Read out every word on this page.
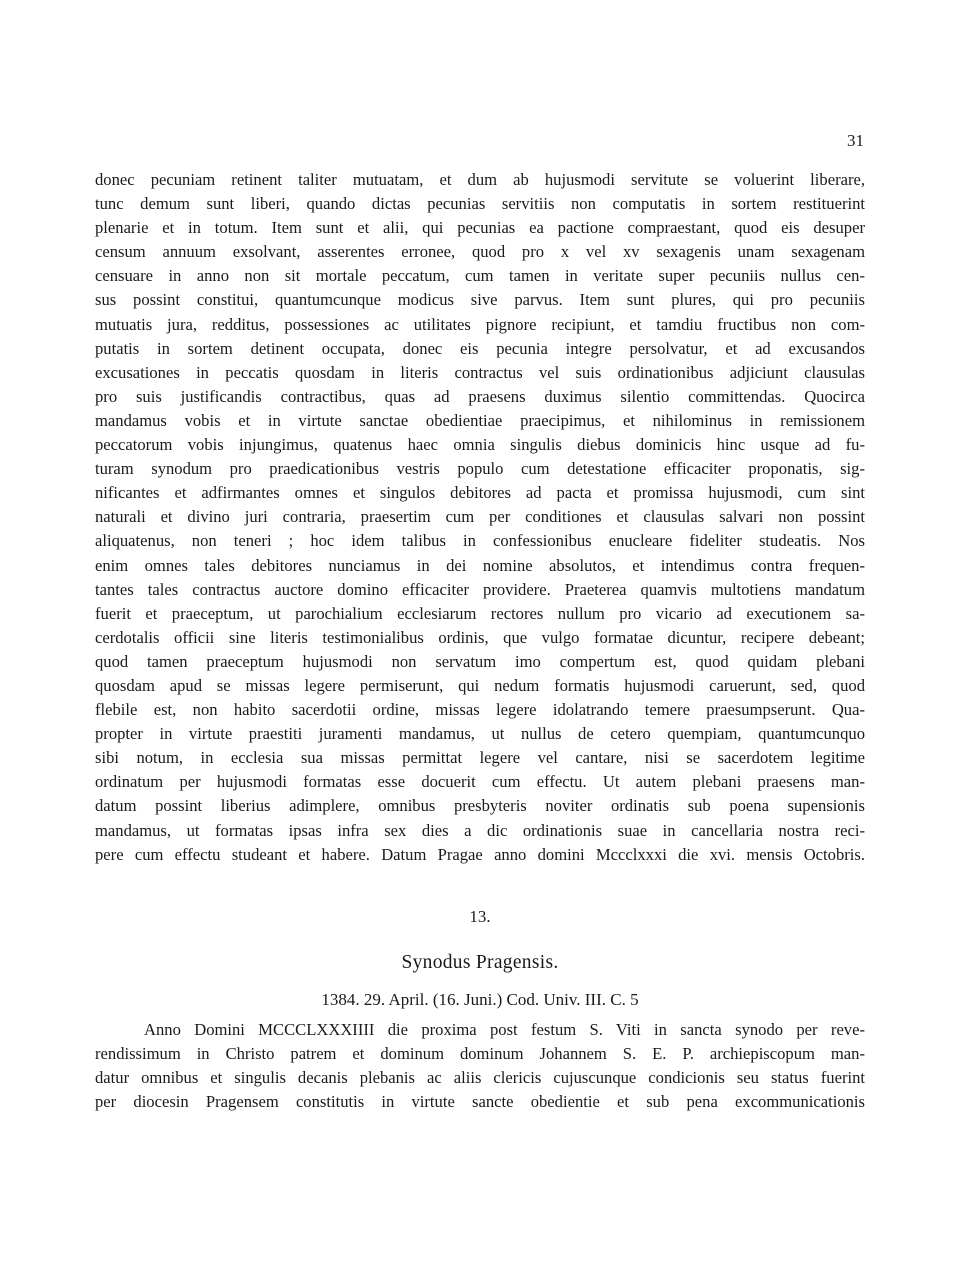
31
donec pecuniam retinent taliter mutuatam, et dum ab hujusmodi servitute se voluerint liberare,
tunc demum sunt liberi, quando dictas pecunias servitiis non computatis in sortem restituerint
plenarie et in totum. Item sunt et alii, qui pecunias ea pactione compraestant, quod eis desuper
censum annuum exsolvant, asserentes erronee, quod pro x vel xv sexagenis unam sexagenam
censuare in anno non sit mortale peccatum, cum tamen in veritate super pecuniis nullus cen-
sus possint constitui, quantumcunque modicus sive parvus. Item sunt plures, qui pro pecuniis
mutuatis jura, redditus, possessiones ac utilitates pignore recipiunt, et tamdiu fructibus non com-
putatis in sortem detinent occupata, donec eis pecunia integre persolvatur, et ad excusandos
excusationes in peccatis quosdam in literis contractus vel suis ordinationibus adjiciunt clausulas
pro suis justificandis contractibus, quas ad praesens duximus silentio committendas. Quocirca
mandamus vobis et in virtute sanctae obedientiae praecipimus, et nihilominus in remissionem
peccatorum vobis injungimus, quatenus haec omnia singulis diebus dominicis hinc usque ad fu-
turam synodum pro praedicationibus vestris populo cum detestatione efficaciter proponatis, sig-
nificantes et adfirmantes omnes et singulos debitores ad pacta et promissa hujusmodi, cum sint
naturali et divino juri contraria, praesertim cum per conditiones et clausulas salvari non possint
aliquatenus, non teneri ; hoc idem talibus in confessionibus enucleare fideliter studeatis. Nos
enim omnes tales debitores nunciamus in dei nomine absolutos, et intendimus contra frequen-
tantes tales contractus auctore domino efficaciter providere. Praeterea quamvis multotiens mandatum
fuerit et praeceptum, ut parochialium ecclesiarum rectores nullum pro vicario ad executionem sa-
cerdotalis officii sine literis testimonialibus ordinis, que vulgo formatae dicuntur, recipere debeant;
quod tamen praeceptum hujusmodi non servatum imo compertum est, quod quidam plebani
quosdam apud se missas legere permiserunt, qui nedum formatis hujusmodi caruerunt, sed, quod
flebile est, non habito sacerdotii ordine, missas legere idolatrando temere praesumpserunt. Qua-
propter in virtute praestiti juramenti mandamus, ut nullus de cetero quempiam, quantumcunquo
sibi notum, in ecclesia sua missas permittat legere vel cantare, nisi se sacerdotem legitime
ordinatum per hujusmodi formatas esse docuerit cum effectu. Ut autem plebani praesens man-
datum possint liberius adimplere, omnibus presbyteris noviter ordinatis sub poena supensionis
mandamus, ut formatas ipsas infra sex dies a dic ordinationis suae in cancellaria nostra reci-
pere cum effectu studeant et habere. Datum Pragae anno domini Mccclxxxi die xvi. mensis Octobris.
13.
Synodus Pragensis.
1384. 29. April. (16. Juni.) Cod. Univ. III. C. 5
Anno Domini MCCCLXXXIIII die proxima post festum S. Viti in sancta synodo per reve-
rendissimum in Christo patrem et dominum dominum Johannem S. E. P. archiepiscopum man-
datur omnibus et singulis decanis plebanis ac aliis clericis cujuscunque condicionis seu status fuerint
per diocesin Pragensem constitutis in virtute sancte obedientie et sub pena excommunicationis
